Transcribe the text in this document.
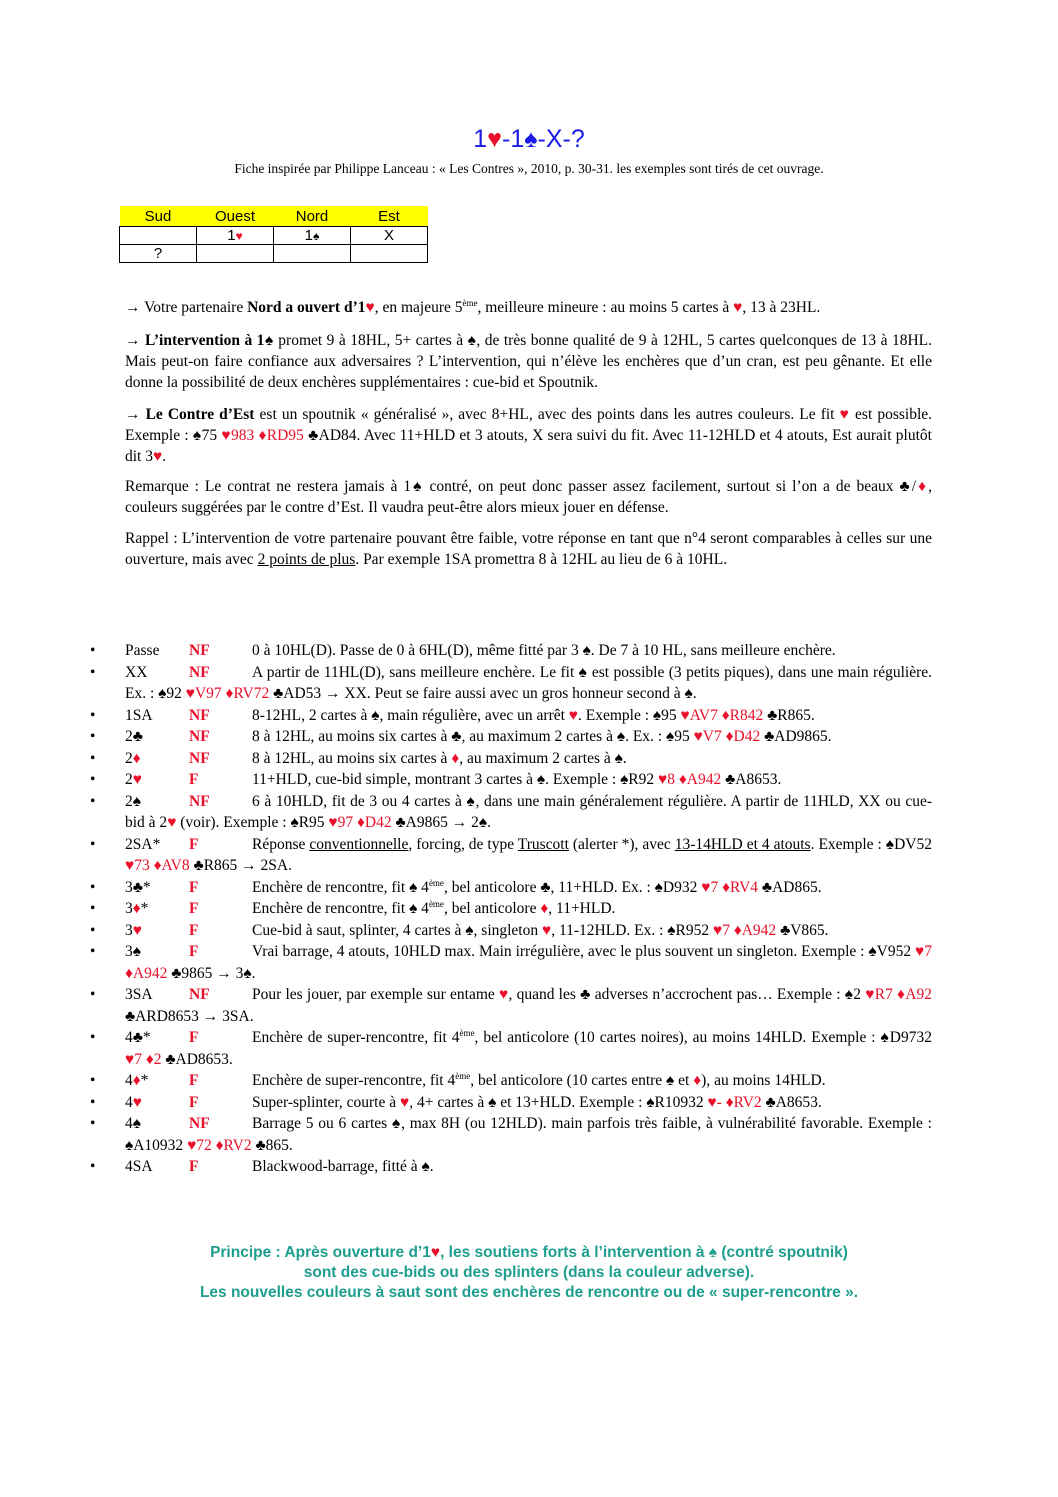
1♥-1♠-X-?
Fiche inspirée par Philippe Lanceau : « Les Contres », 2010, p. 30-31. les exemples sont tirés de cet ouvrage.
Sud	Ouest	Nord	Est
	1♥	1♠	X
?			
→ Votre partenaire Nord a ouvert d’1♥, en majeure 5ème, meilleure mineure : au moins 5 cartes à ♥, 13 à 23HL.
→ L’intervention à 1♠ promet 9 à 18HL, 5+ cartes à ♠, de très bonne qualité de 9 à 12HL, 5 cartes quelconques de 13 à 18HL. Mais peut-on faire confiance aux adversaires ? L’intervention, qui n’élève les enchères que d’un cran, est peu gênante. Et elle donne la possibilité de deux enchères supplémentaires : cue-bid et Spoutnik.
→ Le Contre d’Est est un spoutnik « généralisé », avec 8+HL, avec des points dans les autres couleurs. Le fit ♥ est possible. Exemple : ♠75 ♥983 ♦RD95 ♣AD84. Avec 11+HLD et 3 atouts, X sera suivi du fit. Avec 11-12HLD et 4 atouts, Est aurait plutôt dit 3♥.
Remarque : Le contrat ne restera jamais à 1♠ contré, on peut donc passer assez facilement, surtout si l’on a de beaux ♣/♦, couleurs suggérées par le contre d’Est. Il vaudra peut-être alors mieux jouer en défense.
Rappel : L’intervention de votre partenaire pouvant être faible, votre réponse en tant que n°4 seront comparables à celles sur une ouverture, mais avec 2 points de plus. Par exemple 1SA promettra 8 à 12HL au lieu de 6 à 10HL.
• Passe NF	0 à 10HL(D). Passe de 0 à 6HL(D), même fitté par 3 ♠. De 7 à 10 HL, sans meilleure enchère.
• XX	NF	A partir de 11HL(D), sans meilleure enchère. Le fit ♠ est possible (3 petits piques), dans une main régulière. Ex. : ♠92 ♥V97 ♦RV72 ♣AD53 → XX. Peut se faire aussi avec un gros honneur second à ♠.
• 1SA NF	8-12HL, 2 cartes à ♠, main régulière, avec un arrêt ♥. Exemple : ♠95 ♥AV7 ♦R842 ♣R865.
• 2♣	NF	8 à 12HL, au moins six cartes à ♣, au maximum 2 cartes à ♠. Ex. : ♠95 ♥V7 ♦D42 ♣AD9865.
• 2♦	NF	8 à 12HL, au moins six cartes à ♦, au maximum 2 cartes à ♠.
• 2♥	F	11+HLD, cue-bid simple, montrant 3 cartes à ♠. Exemple : ♠R92 ♥8 ♦A942 ♣A8653.
• 2♠	NF	6 à 10HLD, fit de 3 ou 4 cartes à ♠, dans une main généralement régulière. A partir de 11HLD, XX ou cue-bid à 2♥ (voir). Exemple : ♠R95 ♥97 ♦D42 ♣A9865 → 2♠.
• 2SA* F	Réponse conventionnelle, forcing, de type Truscott (alerter *), avec 13-14HLD et 4 atouts. Exemple : ♠DV52 ♥73 ♦AV8 ♣R865 → 2SA.
• 3♣* F	Enchère de rencontre, fit ♠ 4ème, bel anticolore ♣, 11+HLD. Ex. : ♠D932 ♥7 ♦RV4 ♣AD865.
• 3♦*	F	Enchère de rencontre, fit ♠ 4ème, bel anticolore ♦, 11+HLD.
• 3♥	F	Cue-bid à saut, splinter, 4 cartes à ♠, singleton ♥, 11-12HLD. Ex. : ♠R952 ♥7 ♦A942 ♣V865.
• 3♠	F	Vrai barrage, 4 atouts, 10HLD max. Main irrégulière, avec le plus souvent un singleton. Exemple : ♠V952 ♥7 ♦A942 ♣9865 → 3♠.
• 3SA NF	Pour les jouer, par exemple sur entame ♥, quand les ♣ adverses n’accrochent pas… Exemple : ♠2 ♥R7 ♦A92 ♣ARD8653 → 3SA.
• 4♣* F	Enchère de super-rencontre, fit 4ème, bel anticolore (10 cartes noires), au moins 14HLD. Exemple : ♠D9732 ♥7 ♦2 ♣AD8653.
• 4♦*	F	Enchère de super-rencontre, fit 4ème, bel anticolore (10 cartes entre ♠ et ♦), au moins 14HLD.
• 4♥	F	Super-splinter, courte à ♥, 4+ cartes à ♠ et 13+HLD. Exemple : ♠R10932 ♥- ♦RV2 ♣A8653.
• 4♠	NF	Barrage 5 ou 6 cartes ♠, max 8H (ou 12HLD). main parfois très faible, à vulnérabilité favorable. Exemple : ♠A10932 ♥72 ♦RV2 ♣865.
• 4SA F	Blackwood-barrage, fitté à ♠.
Principe : Après ouverture d’1♥, les soutiens forts à l’intervention à ♠ (contré spoutnik)
sont des cue-bids ou des splinters (dans la couleur adverse).
Les nouvelles couleurs à saut sont des enchères de rencontre ou de « super-rencontre ».
